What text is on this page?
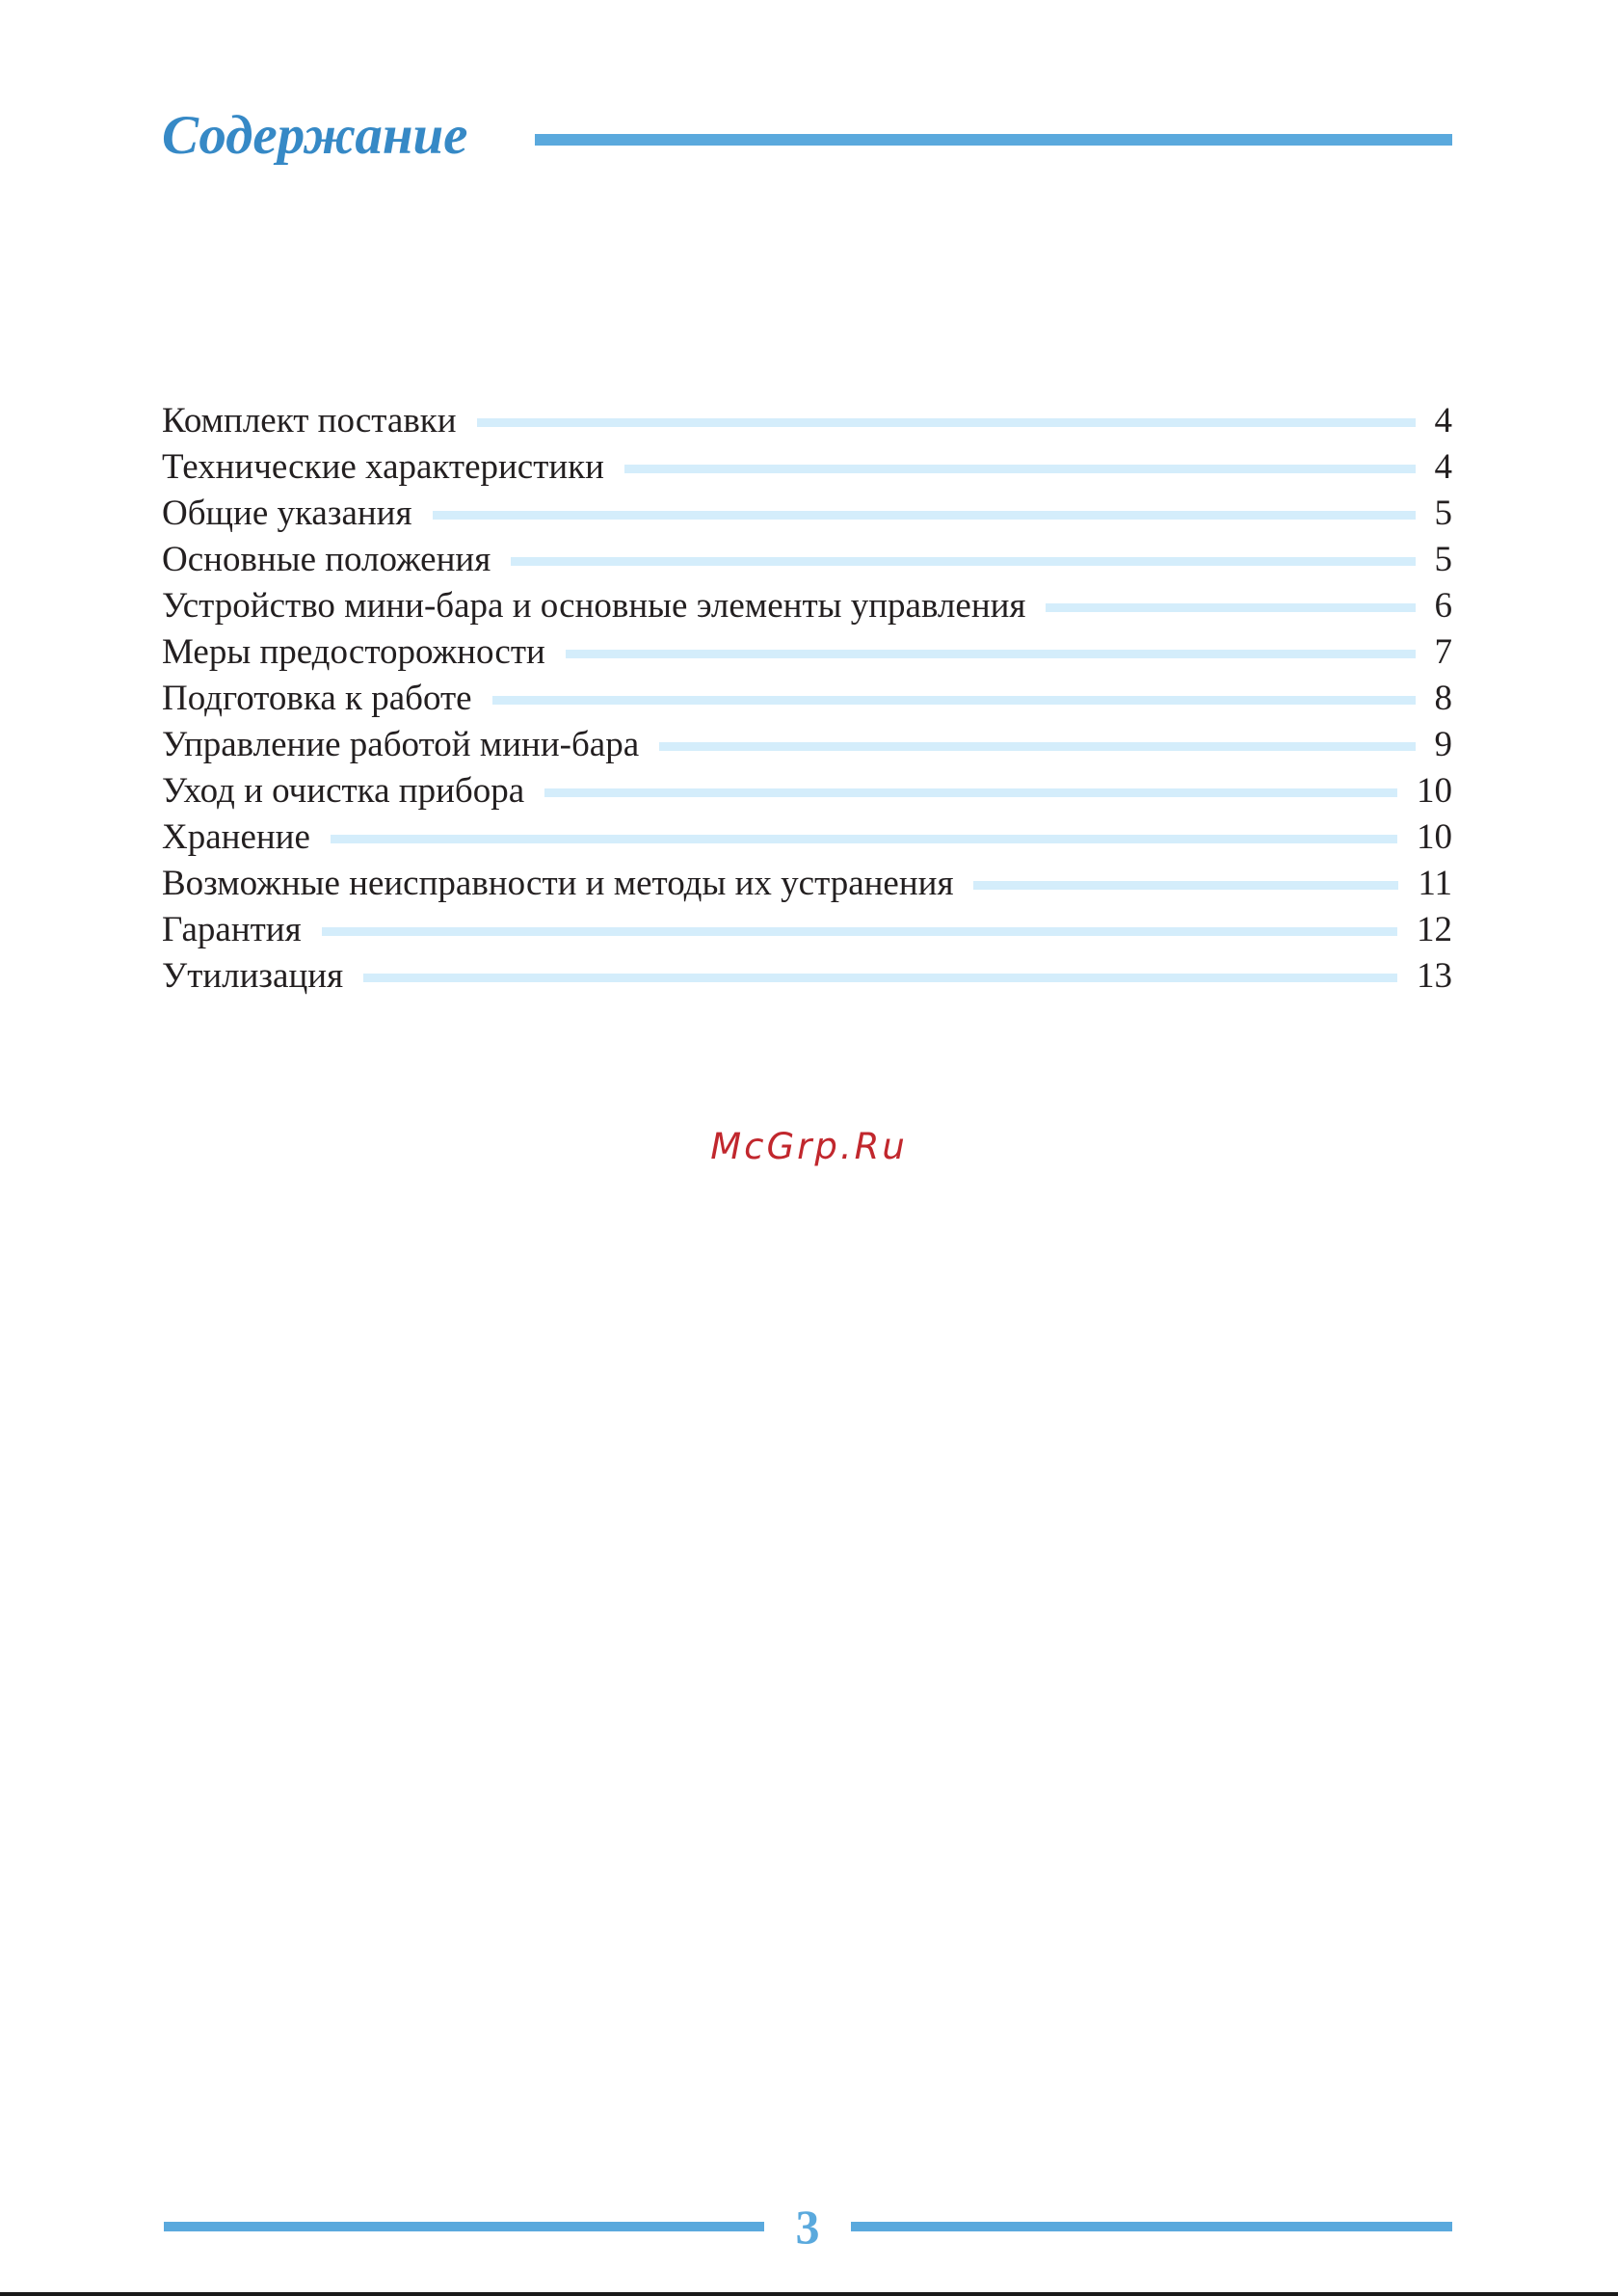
Содержание
Комплект поставки	4
Технические характеристики	4
Общие указания	5
Основные положения	5
Устройство мини-бара и основные элементы управления	6
Меры предосторожности	7
Подготовка к работе	8
Управление работой мини-бара	9
Уход и очистка прибора	10
Хранение	10
Возможные неисправности и методы их устранения	11
Гарантия	12
Утилизация	13
McGrp.Ru
3
